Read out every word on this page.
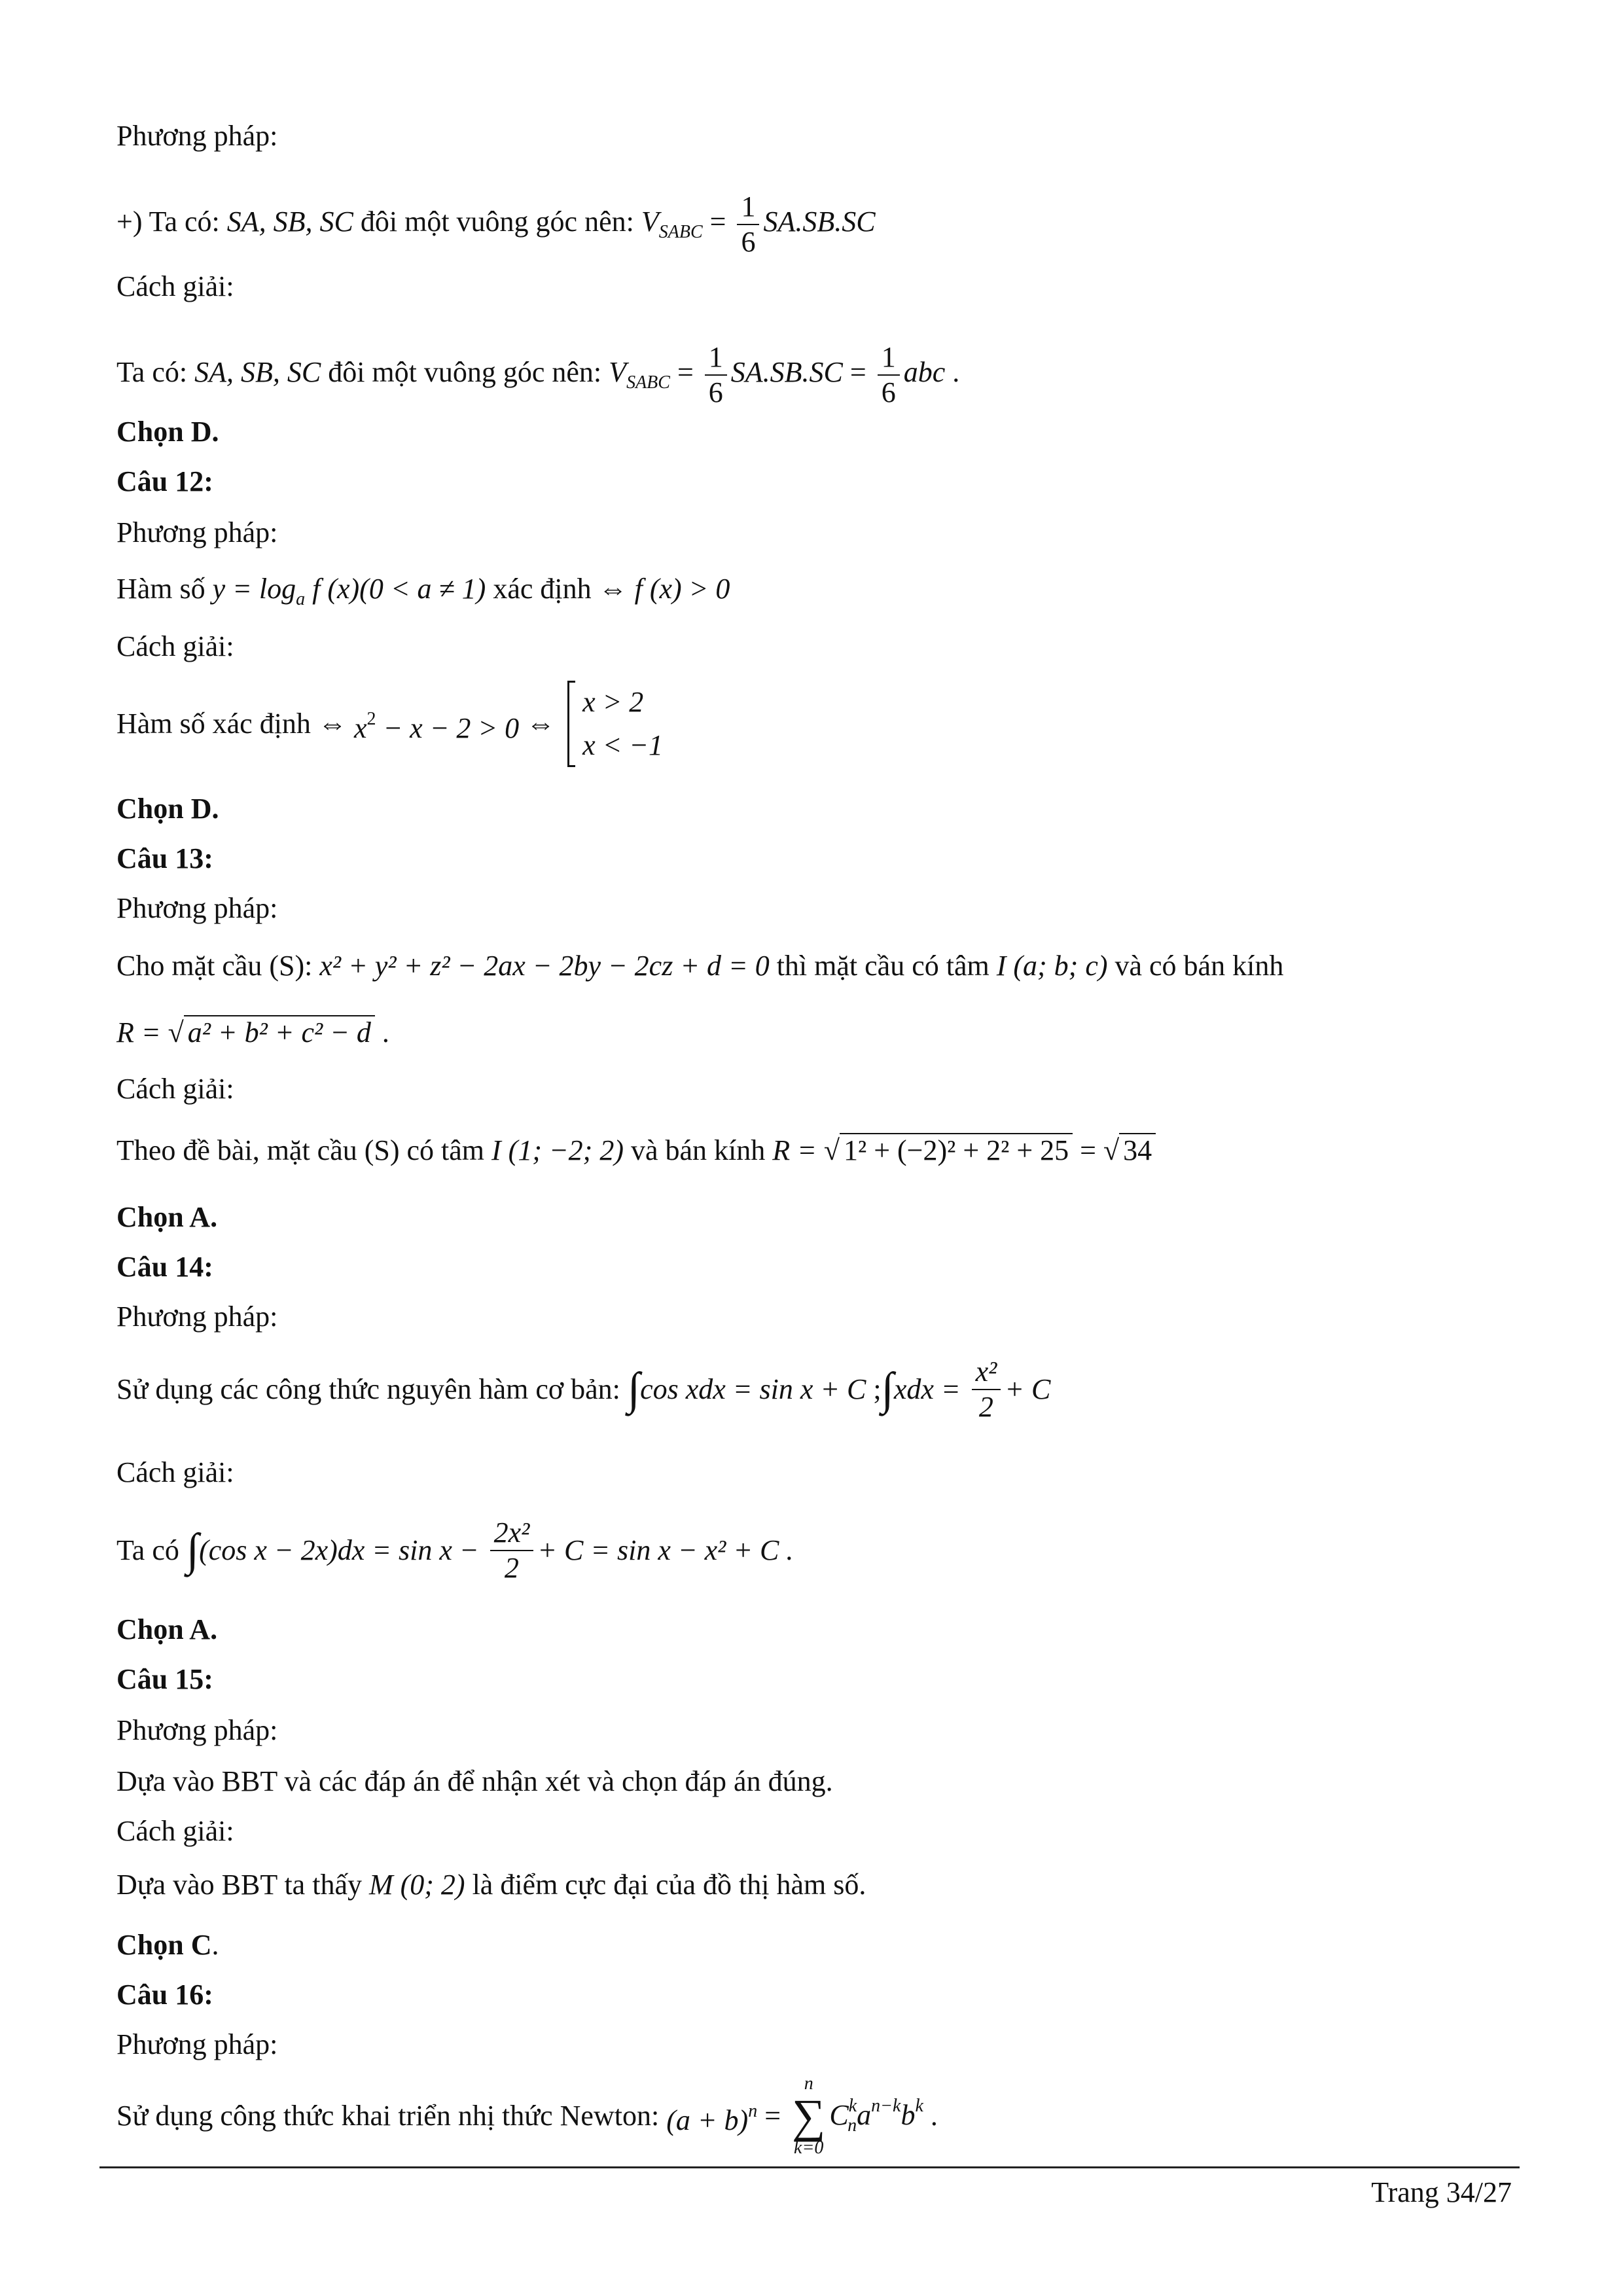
Phương pháp:
+) Ta có: SA, SB, SC đôi một vuông góc nên: $V_{SABC} = \frac{1}{6} SA.SB.SC$
Cách giải:
Ta có: SA, SB, SC đôi một vuông góc nên: $V_{SABC} = \frac{1}{6} SA.SB.SC = \frac{1}{6}$ abc .
Chọn D.
Câu 12:
Phương pháp:
Hàm số $y = \log_a f$ (x)(0 < a ≠ 1) xác định ⇔ f (x) > 0
Cách giải:
Hàm số xác định ⇔ $x^2 - x - 2 > 0$ ⇔
x > 2
x < −1
Chọn D.
Câu 13:
Phương pháp:
Cho mặt cầu (S): x² + y² + z² − 2ax − 2by − 2cz + d = 0 thì mặt cầu có tâm I (a; b; c) và có bán kính
R = √ a² + b² + c² − d .
Cách giải:
Theo đề bài, mặt cầu (S) có tâm I (1; −2; 2) và bán kính R = √ 1² + (−2)² + 2² + 25 = √ 34
Chọn A.
Câu 14:
Phương pháp:
Sử dụng các công thức nguyên hàm cơ bản: ∫cos xdx = sin x + C ;∫xdx = $\frac{\text{x²}}{2} + C$
Cách giải:
Ta có ∫(cos $x - 2x)dx = \sin x - \frac{\text{2x²}}{2} + C = \sin x - x^2 + C$ .
Chọn A.
Câu 15:
Phương pháp:
Dựa vào BBT và các đáp án để nhận xét và chọn đáp án đúng.
Cách giải:
Dựa vào BBT ta thấy M (0; 2) là điểm cực đại của đồ thị hàm số.
Chọn C.
Câu 16:
Phương pháp:
Sử dụng công thức khai triển nhị thức Newton: $(a + b)^n$ =
n
∑
k=0
$C^k_na^{n-k}b^k$ .
Trang 34/27
